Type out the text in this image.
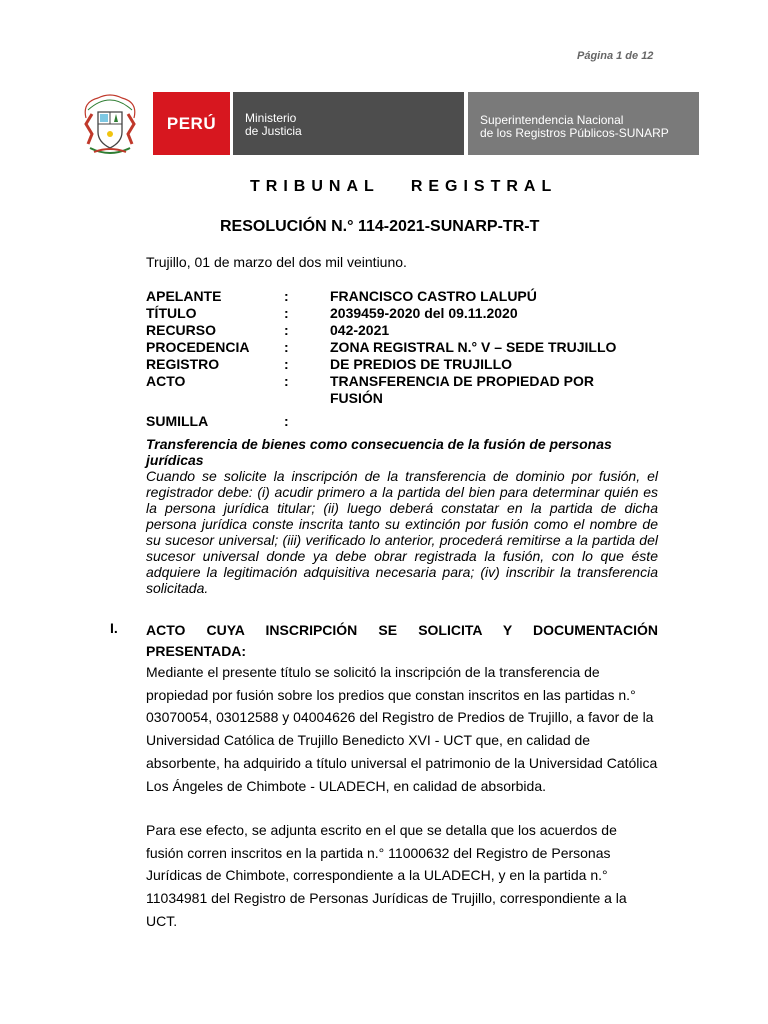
Página 1 de 12
PERÚ Ministerio
de Justicia
Superintendencia Nacional
de los Registros Públicos-SUNARP
TRIBUNAL   REGISTRAL
RESOLUCIÓN N.° 114-2021-SUNARP-TR-T
Trujillo, 01 de marzo del dos mil veintiuno.
APELANTE	:	FRANCISCO CASTRO LALUPÚ
TÍTULO	:	2039459-2020 del 09.11.2020
RECURSO	:	042-2021
PROCEDENCIA :	ZONA REGISTRAL N.° V – SEDE TRUJILLO
REGISTRO	:	DE PREDIOS DE TRUJILLO
ACTO	:	TRANSFERENCIA DE PROPIEDAD POR
FUSIÓN
SUMILLA	:
Transferencia de bienes como consecuencia de la fusión de personas jurídicas
Cuando se solicite la inscripción de la transferencia de dominio por fusión, el registrador debe: (i) acudir primero a la partida del bien para determinar quién es la persona jurídica titular; (ii) luego deberá constatar en la partida de dicha persona jurídica conste inscrita tanto su extinción por fusión como el nombre de su sucesor universal; (iii) verificado lo anterior, procederá remitirse a la partida del sucesor universal donde ya debe obrar registrada la fusión, con lo que éste adquiere la legitimación adquisitiva necesaria para; (iv) inscribir la transferencia solicitada.
I. ACTO CUYA INSCRIPCIÓN SE SOLICITA Y DOCUMENTACIÓN PRESENTADA:
Mediante el presente título se solicitó la inscripción de la transferencia de propiedad por fusión sobre los predios que constan inscritos en las partidas n.° 03070054, 03012588 y 04004626 del Registro de Predios de Trujillo, a favor de la Universidad Católica de Trujillo Benedicto XVI - UCT que, en calidad de absorbente, ha adquirido a título universal el patrimonio de la Universidad Católica Los Ángeles de Chimbote - ULADECH, en calidad de absorbida.
Para ese efecto, se adjunta escrito en el que se detalla que los acuerdos de fusión corren inscritos en la partida n.° 11000632 del Registro de Personas Jurídicas de Chimbote, correspondiente a la ULADECH, y en la partida n.° 11034981 del Registro de Personas Jurídicas de Trujillo, correspondiente a la UCT.
